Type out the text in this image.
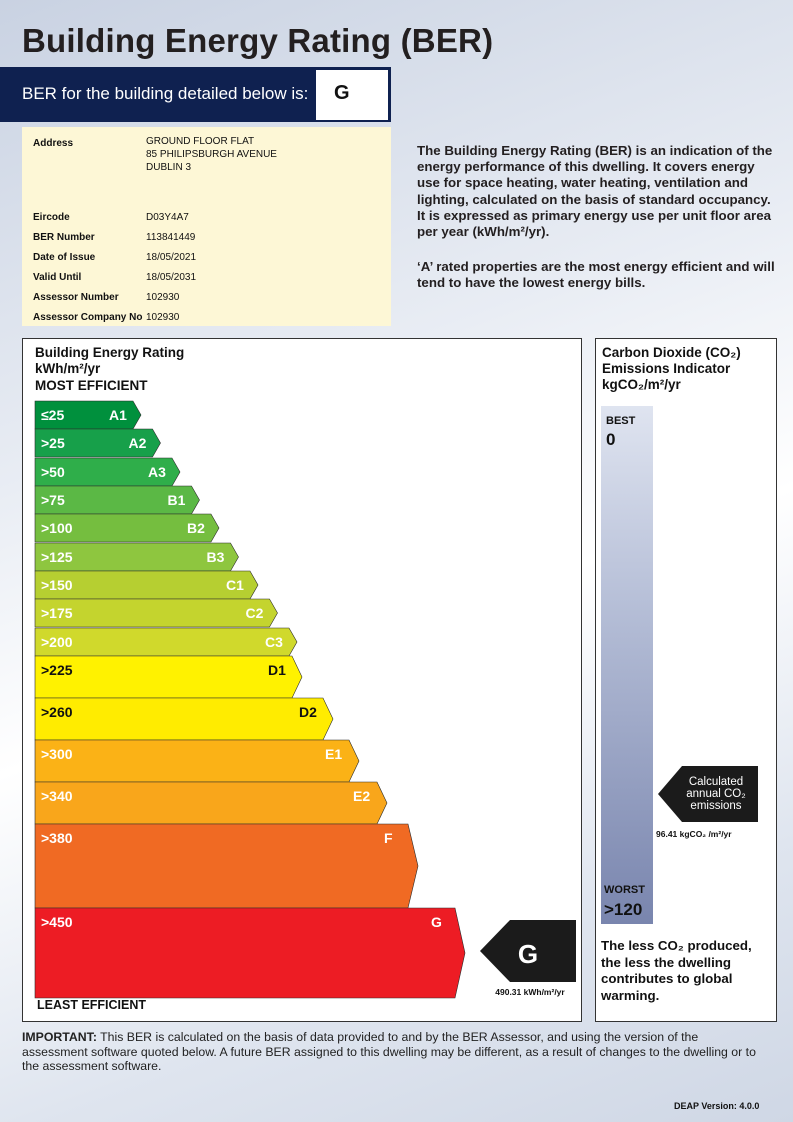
Building Energy Rating (BER)
BER for the building detailed below is: G
Address	GROUND FLOOR FLAT
85 PHILIPSBURGH AVENUE
DUBLIN 3
Eircode	D03Y4A7
BER Number	113841449
Date of Issue	18/05/2021
Valid Until	18/05/2031
Assessor Number	102930
Assessor Company No 102930
The Building Energy Rating (BER) is an indication of the energy performance of this dwelling. It covers energy use for space heating, water heating, ventilation and lighting, calculated on the basis of standard occupancy. It is expressed as primary energy use per unit floor area per year (kWh/m²/yr).
‘A’ rated properties are the most energy efficient and will tend to have the lowest energy bills.
Building Energy Rating
kWh/m²/yr
MOST EFFICIENT
≤25	A1
>25	A2
>50	A3
>75	B1
>100	B2
>125	B3
>150	C1
>175	C2
>200	C3
>225	D1
>260	D2
>300	E1
>340	E2
>380	F
>450	G
LEAST EFFICIENT
G
490.31 kWh/m²/yr
Carbon Dioxide (CO₂)
Emissions Indicator
kgCO₂/m²/yr
BEST
0
WORST
>120
Calculated
annual CO₂
emissions
96.41 kgCO₂ /m²/yr
The less CO₂ produced, the less the dwelling contributes to global warming.
IMPORTANT: This BER is calculated on the basis of data provided to and by the BER Assessor, and using the version of the assessment software quoted below. A future BER assigned to this dwelling may be different, as a result of changes to the dwelling or to the assessment software.
DEAP Version: 4.0.0
